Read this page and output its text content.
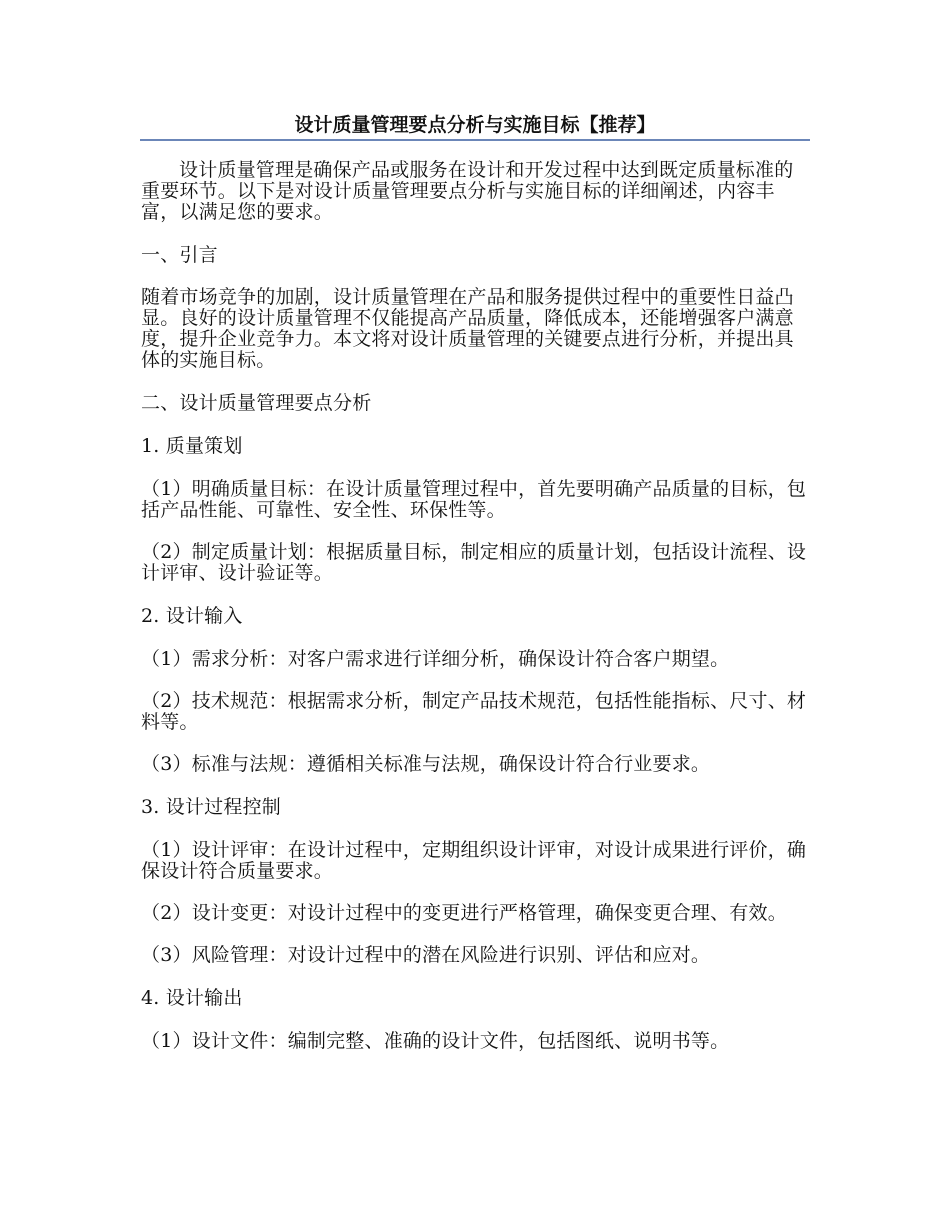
设计质量管理要点分析与实施目标【推荐】

设计质量管理是确保产品或服务在设计和开发过程中达到既定质量标准的重要环节。以下是对设计质量管理要点分析与实施目标的详细阐述，内容丰富，以满足您的要求。

一、引言

随着市场竞争的加剧，设计质量管理在产品和服务提供过程中的重要性日益凸显。良好的设计质量管理不仅能提高产品质量，降低成本，还能增强客户满意度，提升企业竞争力。本文将对设计质量管理的关键要点进行分析，并提出具体的实施目标。

二、设计质量管理要点分析

1. 质量策划

（1）明确质量目标：在设计质量管理过程中，首先要明确产品质量的目标，包括产品性能、可靠性、安全性、环保性等。

（2）制定质量计划：根据质量目标，制定相应的质量计划，包括设计流程、设计评审、设计验证等。

2. 设计输入

（1）需求分析：对客户需求进行详细分析，确保设计符合客户期望。

（2）技术规范：根据需求分析，制定产品技术规范，包括性能指标、尺寸、材料等。

（3）标准与法规：遵循相关标准与法规，确保设计符合行业要求。

3. 设计过程控制

（1）设计评审：在设计过程中，定期组织设计评审，对设计成果进行评价，确保设计符合质量要求。

（2）设计变更：对设计过程中的变更进行严格管理，确保变更合理、有效。

（3）风险管理：对设计过程中的潜在风险进行识别、评估和应对。

4. 设计输出

（1）设计文件：编制完整、准确的设计文件，包括图纸、说明书等。
